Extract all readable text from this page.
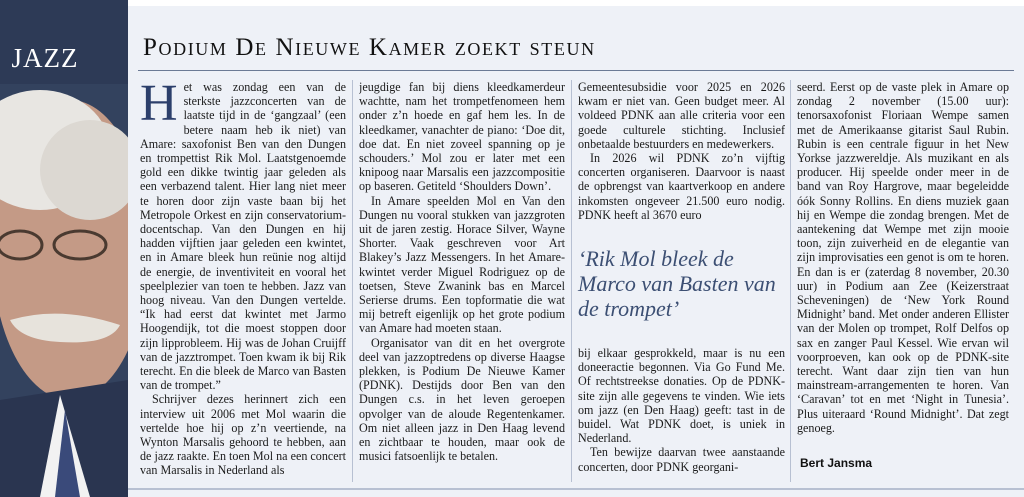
JAZZ	Podium De Nieuwe Kamer zoekt steun

Het was zondag een van de sterkste jazzconcerten van de laatste tijd in de ‘gangzaal’ (een betere naam heb ik niet) van Amare: saxofonist Ben van den Dungen en trompettist Rik Mol. Laatstgenoemde gold een dikke twintig jaar geleden als een verbazend talent. Hier lang niet meer te horen door zijn vaste baan bij het Metropole Orkest en zijn conservatorium-docentschap. Van den Dungen en hij hadden vijftien jaar geleden een kwintet, en in Amare bleek hun reünie nog altijd de energie, de inventiviteit en vooral het speelplezier van toen te hebben. Jazz van hoog niveau. Van den Dungen vertelde. “Ik had eerst dat kwintet met Jarmo Hoogendijk, tot die moest stoppen door zijn lipprobleem. Hij was de Johan Cruijff van de jazztrompet. Toen kwam ik bij Rik terecht. En die bleek de Marco van Basten van de trompet.”

Schrijver dezes herinnert zich een interview uit 2006 met Mol waarin die vertelde hoe hij op z’n veertiende, na Wynton Marsalis gehoord te hebben, aan de jazz raakte. En toen Mol na een concert van Marsalis in Nederland als

jeugdige fan bij diens kleedkamerdeur wachtte, nam het trompetfenomeen hem onder z’n hoede en gaf hem les. In de kleedkamer, vanachter de piano: ‘Doe dit, doe dat. En niet zoveel spanning op je schouders.’ Mol zou er later met een knipoog naar Marsalis een jazzcompositie op baseren. Getiteld ‘Shoulders Down’.

In Amare speelden Mol en Van den Dungen nu vooral stukken van jazzgroten uit de jaren zestig. Horace Silver, Wayne Shorter. Vaak geschreven voor Art Blakey’s Jazz Messengers. In het Amare-kwintet verder Miguel Rodriguez op de toetsen, Steve Zwanink bas en Marcel Serierse drums. Een topformatie die wat mij betreft eigenlijk op het grote podium van Amare had moeten staan.

Organisator van dit en het overgrote deel van jazzoptredens op diverse Haagse plekken, is Podium De Nieuwe Kamer (PDNK). Destijds door Ben van den Dungen c.s. in het leven geroepen opvolger van de aloude Regentenkamer. Om niet alleen jazz in Den Haag levend en zichtbaar te houden, maar ook de musici fatsoenlijk te betalen.

Gemeentesubsidie voor 2025 en 2026 kwam er niet van. Geen budget meer. Al voldeed PDNK aan alle criteria voor een goede culturele stichting. Inclusief onbetaalde bestuurders en medewerkers.

In 2026 wil PDNK zo’n vijftig concerten organiseren. Daarvoor is naast de opbrengst van kaartverkoop en andere inkomsten ongeveer 21.500 euro nodig. PDNK heeft al 3670 euro

‘Rik Mol bleek de Marco van Basten van de trompet’

bij elkaar gesprokkeld, maar is nu een doneeractie begonnen. Via Go Fund Me. Of rechtstreekse donaties. Op de PDNK-site zijn alle gegevens te vinden. Wie iets om jazz (en Den Haag) geeft: tast in de buidel. Wat PDNK doet, is uniek in Nederland.

Ten bewijze daarvan twee aanstaande concerten, door PDNK georgani-

seerd. Eerst op de vaste plek in Amare op zondag 2 november (15.00 uur): tenorsaxofonist Floriaan Wempe samen met de Amerikaanse gitarist Saul Rubin. Rubin is een centrale figuur in het New Yorkse jazzwereldje. Als muzikant en als producer. Hij speelde onder meer in de band van Roy Hargrove, maar begeleidde óók Sonny Rollins. En diens muziek gaan hij en Wempe die zondag brengen. Met de aantekening dat Wempe met zijn mooie toon, zijn zuiverheid en de elegantie van zijn improvisaties een genot is om te horen. En dan is er (zaterdag 8 november, 20.30 uur) in Podium aan Zee (Keizerstraat Scheveningen) de ‘New York Round Midnight’ band. Met onder anderen Ellister van der Molen op trompet, Rolf Delfos op sax en zanger Paul Kessel. Wie ervan wil voorproeven, kan ook op de PDNK-site terecht. Want daar zijn tien van hun mainstream-arrangementen te horen. Van ‘Caravan’ tot en met ‘Night in Tunesia’. Plus uiteraard ‘Round Midnight’. Dat zegt genoeg.

Bert Jansma
